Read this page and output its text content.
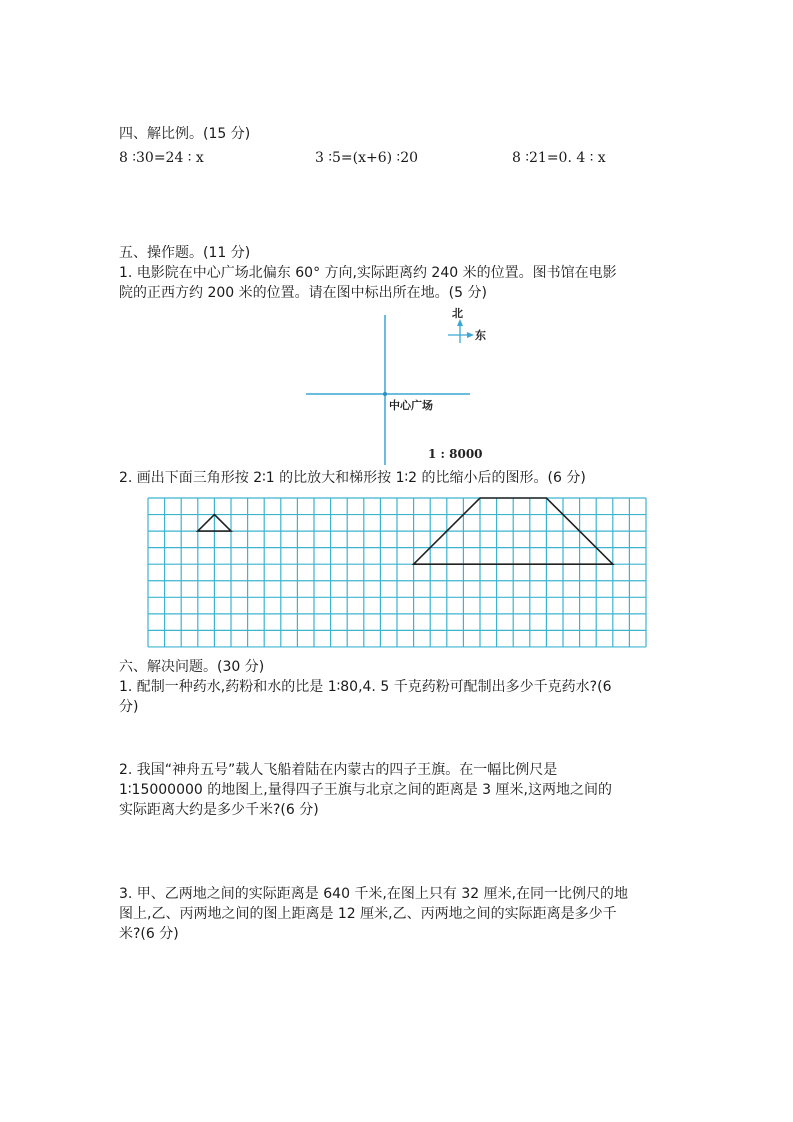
四、解比例。(15 分)
8 ∶30=24 ∶ x	3 ∶5=(x+6) ∶20	8 ∶21=0. 4 ∶ x
五、操作题。(11 分)
1. 电影院在中心广场北偏东 60° 方向,实际距离约 240 米的位置。图书馆在电影
院的正西方约 200 米的位置。请在图中标出所在地。(5 分)
北
东
中心广场
1 : 8000
2. 画出下面三角形按 2∶1 的比放大和梯形按 1∶2 的比缩小后的图形。(6 分)
六、解决问题。(30 分)
1. 配制一种药水,药粉和水的比是 1∶80,4. 5 千克药粉可配制出多少千克药水?(6
分)
2. 我国“神舟五号”载人飞船着陆在内蒙古的四子王旗。在一幅比例尺是
1∶15000000 的地图上,量得四子王旗与北京之间的距离是 3 厘米,这两地之间的
实际距离大约是多少千米?(6 分)
3. 甲、乙两地之间的实际距离是 640 千米,在图上只有 32 厘米,在同一比例尺的地
图上,乙、丙两地之间的图上距离是 12 厘米,乙、丙两地之间的实际距离是多少千
米?(6 分)
